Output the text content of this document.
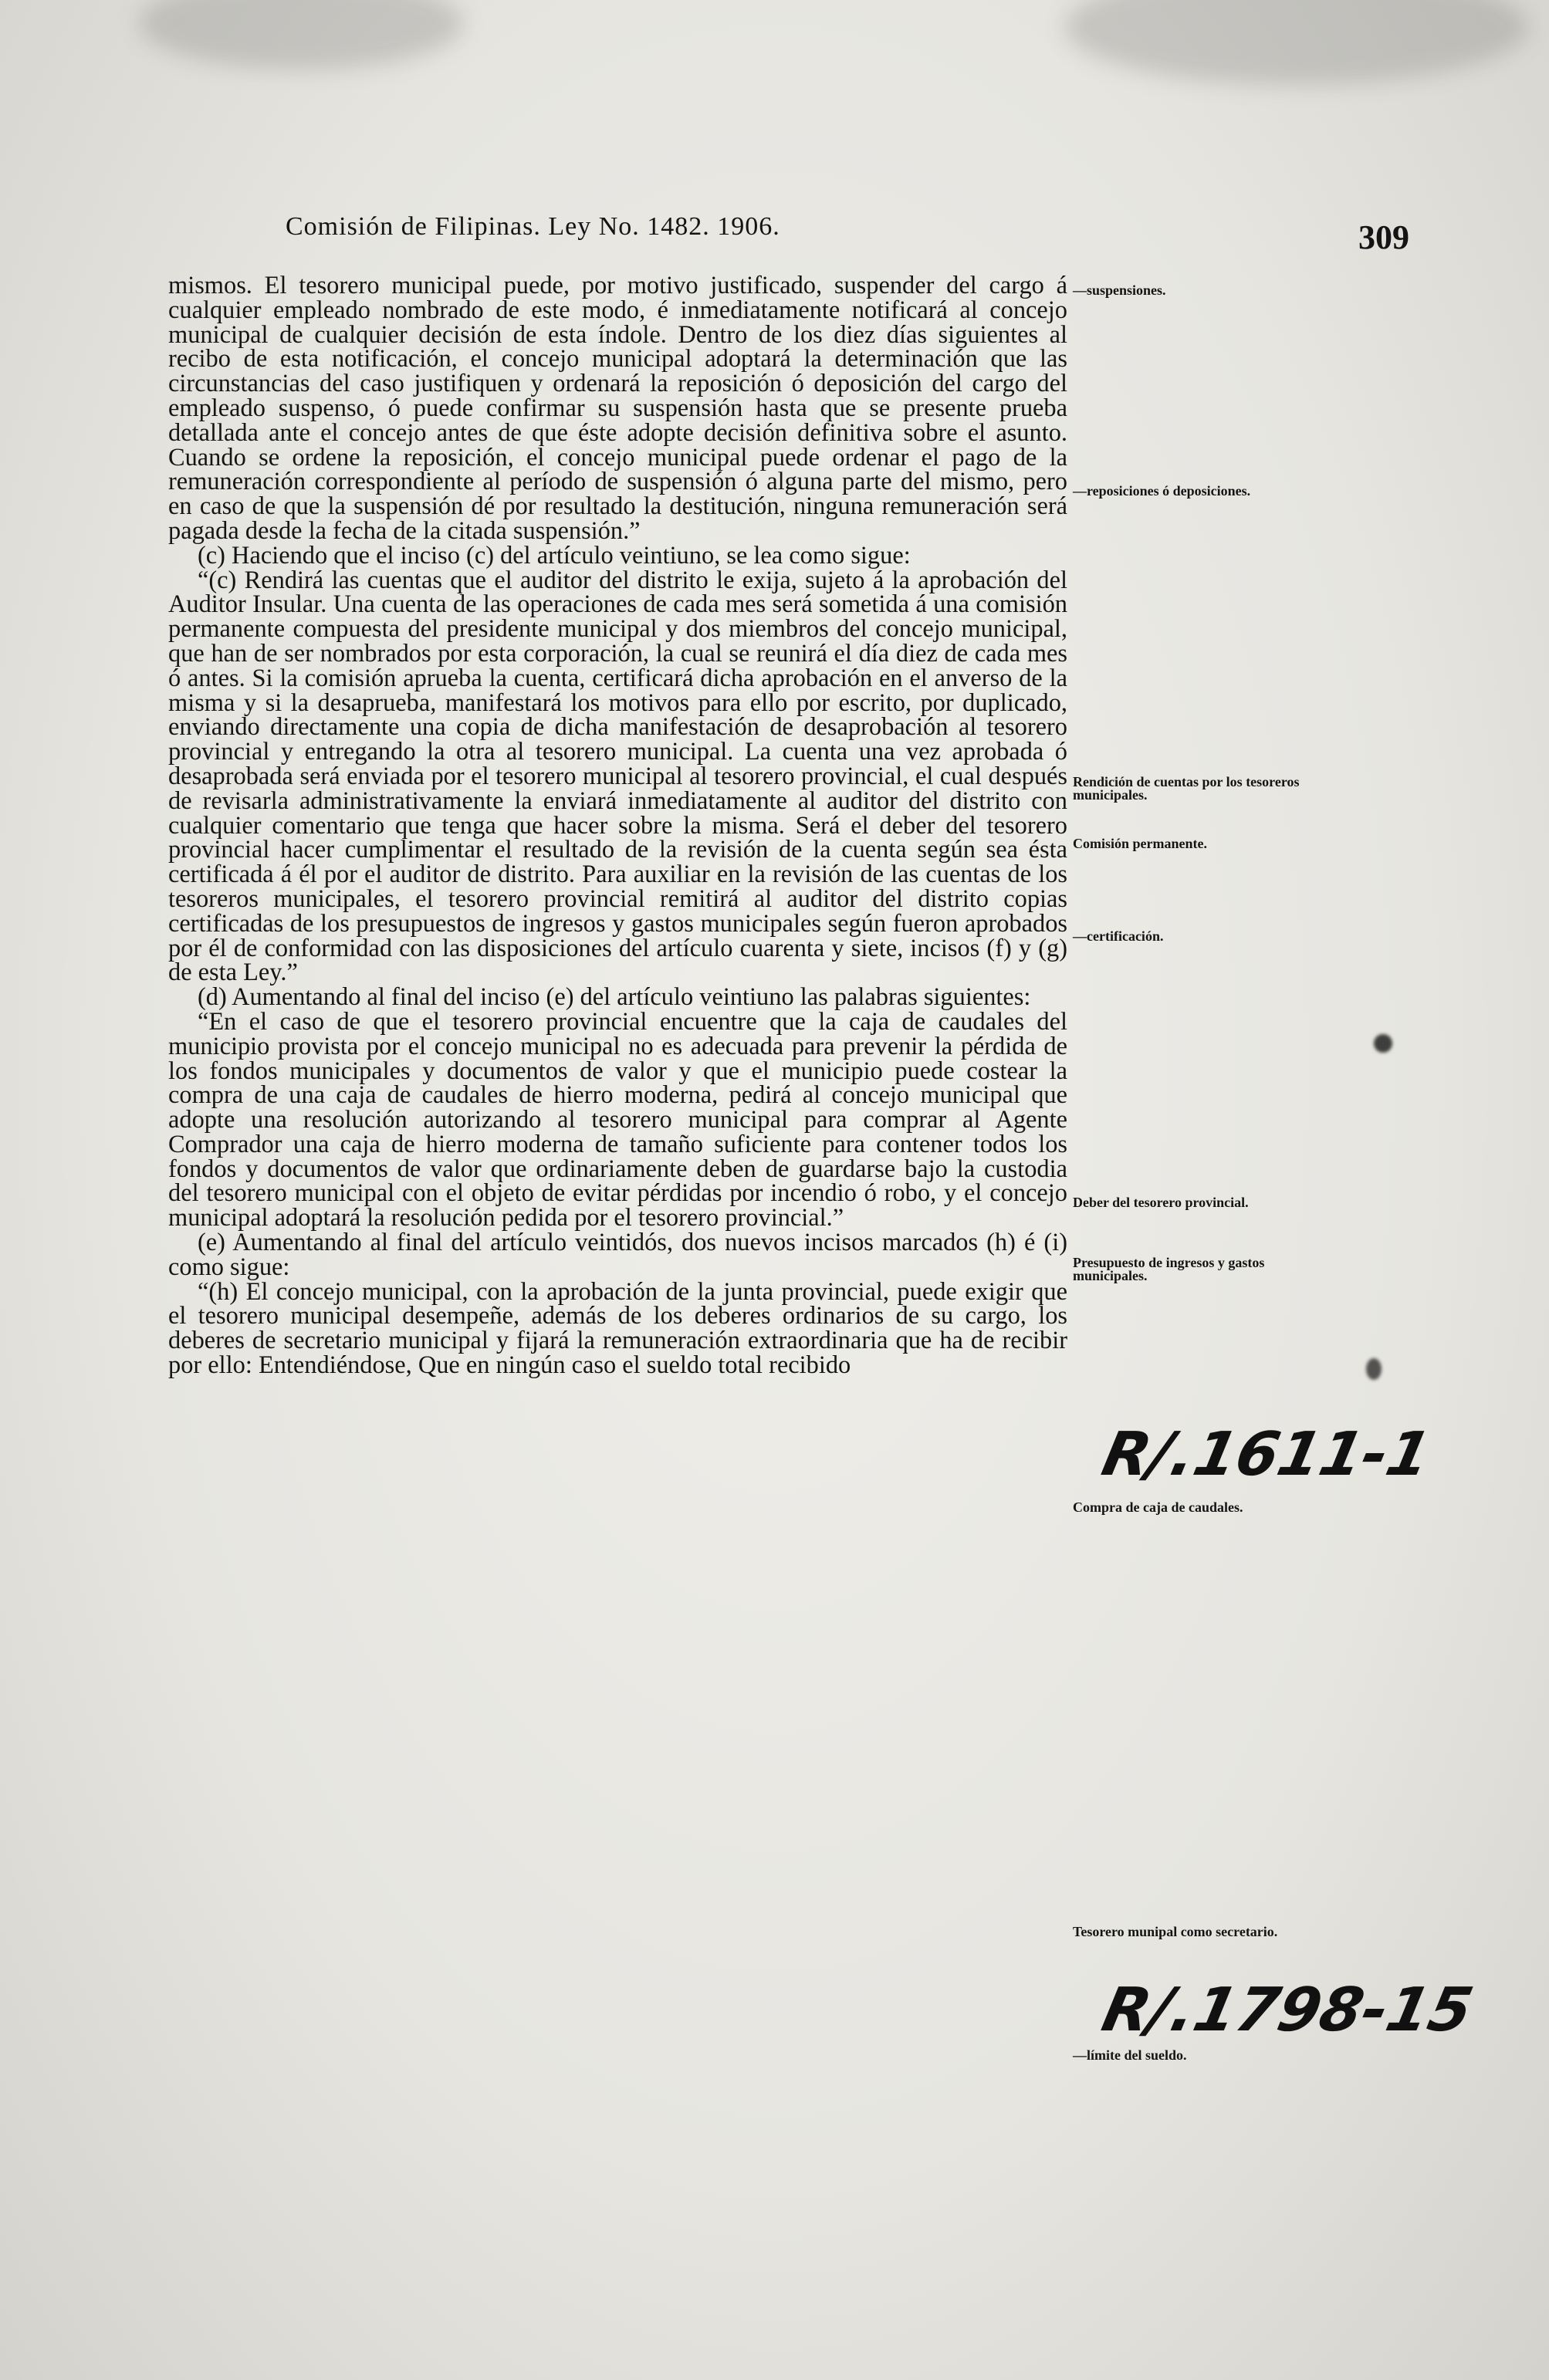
Comisión de Filipinas. Ley No. 1482. 1906.	309

mismos. El tesorero municipal puede, por motivo justificado, suspender del cargo á cualquier empleado nombrado de este modo, é inmediatamente notificará al concejo municipal de cualquier decisión de esta índole. Dentro de los diez días siguientes al recibo de esta notificación, el concejo municipal adoptará la determinación que las circunstancias del caso justifiquen y ordenará la reposición ó deposición del cargo del empleado suspenso, ó puede confirmar su suspensión hasta que se presente prueba detallada ante el concejo antes de que éste adopte decisión definitiva sobre el asunto. Cuando se ordene la reposición, el concejo municipal puede ordenar el pago de la remuneración correspondiente al período de suspensión ó alguna parte del mismo, pero en caso de que la suspensión dé por resultado la destitución, ninguna remuneración será pagada desde la fecha de la citada suspensión.”

(c) Haciendo que el inciso (c) del artículo veintiuno, se lea como sigue:

“(c) Rendirá las cuentas que el auditor del distrito le exija, sujeto á la aprobación del Auditor Insular. Una cuenta de las operaciones de cada mes será sometida á una comisión permanente compuesta del presidente municipal y dos miembros del concejo municipal, que han de ser nombrados por esta corporación, la cual se reunirá el día diez de cada mes ó antes. Si la comisión aprueba la cuenta, certificará dicha aprobación en el anverso de la misma y si la desaprueba, manifestará los motivos para ello por escrito, por duplicado, enviando directamente una copia de dicha manifestación de desaprobación al tesorero provincial y entregando la otra al tesorero municipal. La cuenta una vez aprobada ó desaprobada será enviada por el tesorero municipal al tesorero provincial, el cual después de revisarla administrativamente la enviará inmediatamente al auditor del distrito con cualquier comentario que tenga que hacer sobre la misma. Será el deber del tesorero provincial hacer cumplimentar el resultado de la revisión de la cuenta según sea ésta certificada á él por el auditor de distrito. Para auxiliar en la revisión de las cuentas de los tesoreros municipales, el tesorero provincial remitirá al auditor del distrito copias certificadas de los presupuestos de ingresos y gastos municipales según fueron aprobados por él de conformidad con las disposiciones del artículo cuarenta y siete, incisos (f) y (g) de esta Ley.”

(d) Aumentando al final del inciso (e) del artículo veintiuno las palabras siguientes:

“En el caso de que el tesorero provincial encuentre que la caja de caudales del municipio provista por el concejo municipal no es adecuada para prevenir la pérdida de los fondos municipales y documentos de valor y que el municipio puede costear la compra de una caja de caudales de hierro moderna, pedirá al concejo municipal que adopte una resolución autorizando al tesorero municipal para comprar al Agente Comprador una caja de hierro moderna de tamaño suficiente para contener todos los fondos y documentos de valor que ordinariamente deben de guardarse bajo la custodia del tesorero municipal con el objeto de evitar pérdidas por incendio ó robo, y el concejo municipal adoptará la resolución pedida por el tesorero provincial.”

(e) Aumentando al final del artículo veintidós, dos nuevos incisos marcados (h) é (i) como sigue:

“(h) El concejo municipal, con la aprobación de la junta provincial, puede exigir que el tesorero municipal desempeñe, además de los deberes ordinarios de su cargo, los deberes de secretario municipal y fijará la remuneración extraordinaria que ha de recibir por ello: Entendiéndose, Que en ningún caso el sueldo total recibido

—suspensiones.
—reposiciones ó deposiciones.
Rendición de cuentas por los tesoreros municipales.
Comisión permanente.
—certificación.
Deber del tesorero provincial.
Presupuesto de ingresos y gastos municipales.
Compra de caja de caudales.
Tesorero munipal como secretario.
—límite del sueldo.
R/.1611-1
R/.1798-15
